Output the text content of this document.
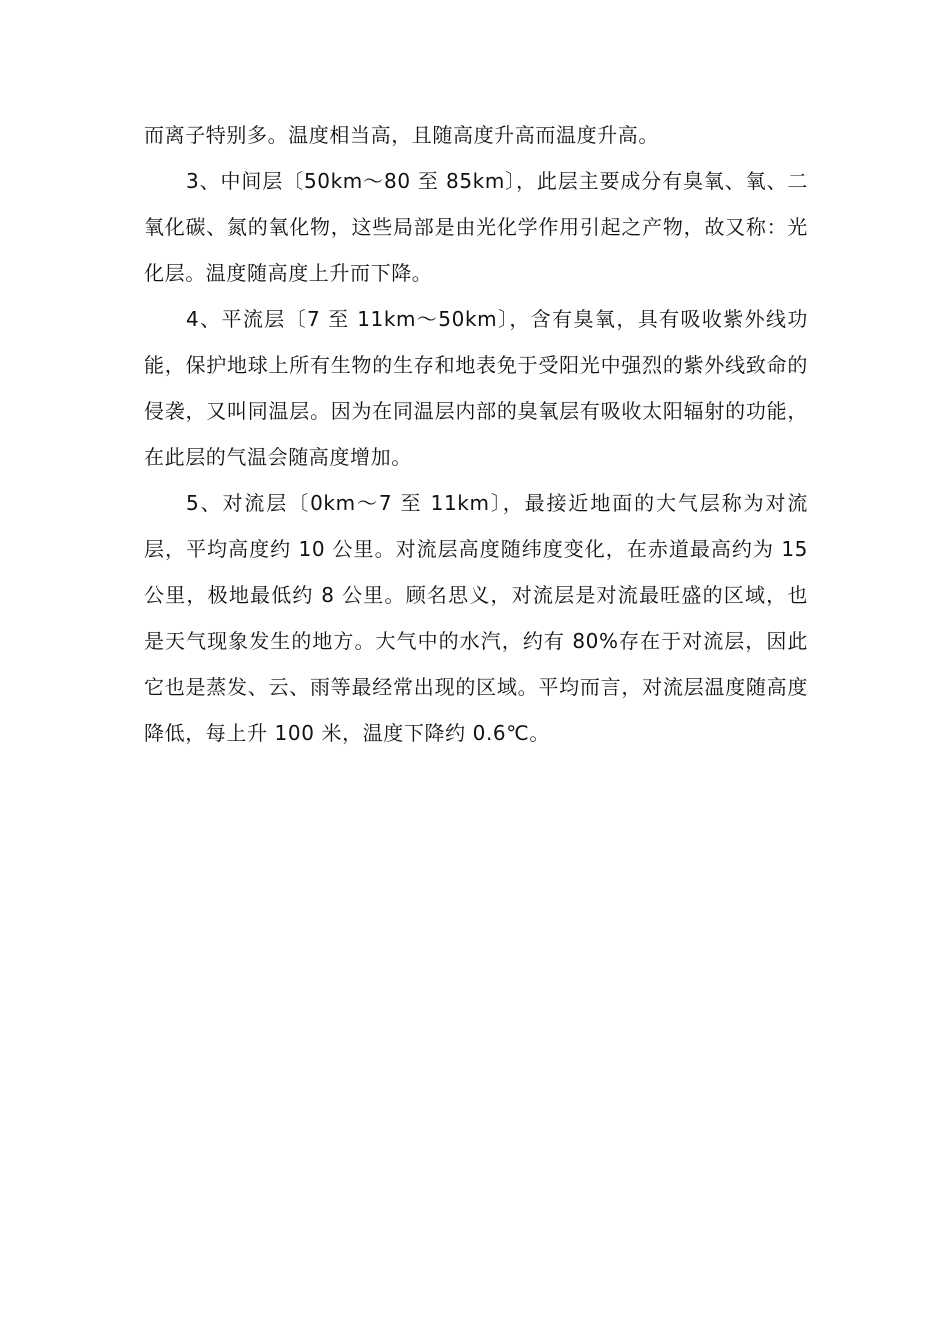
而离子特别多。温度相当高，且随高度升高而温度升高。

3、中间层〔50km～80 至 85km〕，此层主要成分有臭氧、氧、二氧化碳、氮的氧化物，这些局部是由光化学作用引起之产物，故又称：光化层。温度随高度上升而下降。

4、平流层〔7 至 11km～50km〕，含有臭氧，具有吸收紫外线功能，保护地球上所有生物的生存和地表免于受阳光中强烈的紫外线致命的侵袭，又叫同温层。因为在同温层内部的臭氧层有吸收太阳辐射的功能，在此层的气温会随高度增加。

5、对流层〔0km～7 至 11km〕，最接近地面的大气层称为对流层，平均高度约 10 公里。对流层高度随纬度变化，在赤道最高约为 15 公里，极地最低约 8 公里。顾名思义，对流层是对流最旺盛的区域，也是天气现象发生的地方。大气中的水汽，约有 80%存在于对流层，因此它也是蒸发、云、雨等最经常出现的区域。平均而言，对流层温度随高度降低，每上升 100 米，温度下降约 0.6℃。
